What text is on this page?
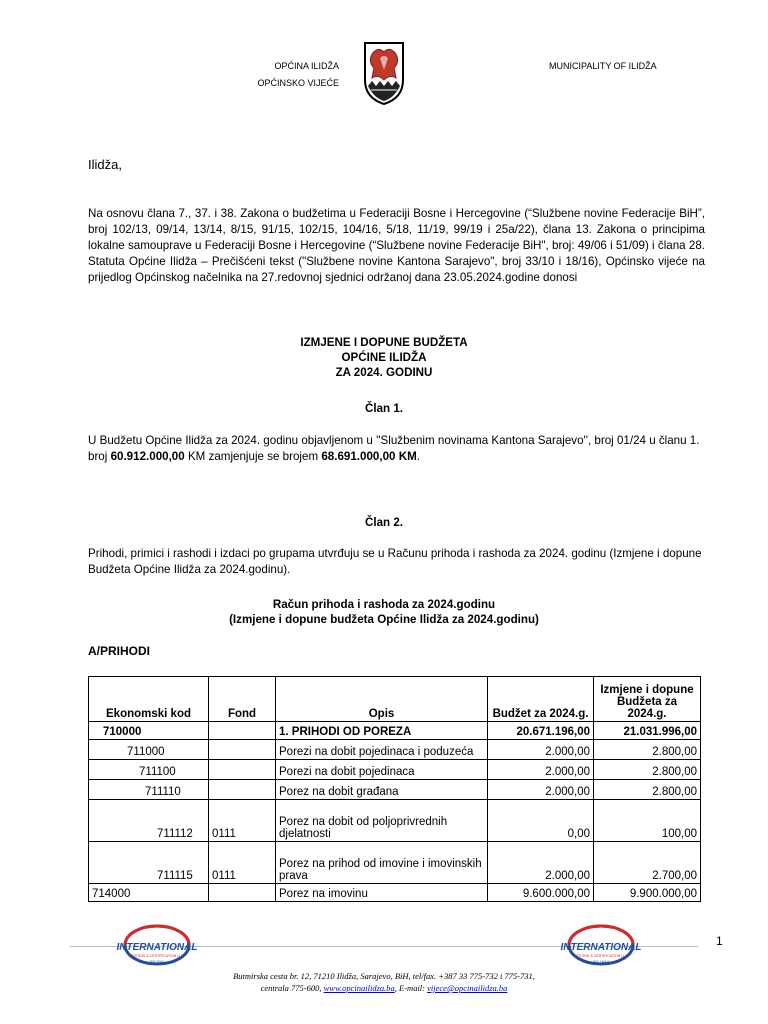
OPĆINA ILIDŽA
OPĆINSKO VIJEĆE
MUNICIPALITY OF ILIDŽA
Ilidža,
Na osnovu člana 7., 37. i 38. Zakona o budžetima u Federaciji Bosne i Hercegovine (“Službene novine Federacije BiH”, broj 102/13, 09/14, 13/14, 8/15, 91/15, 102/15, 104/16, 5/18, 11/19, 99/19 i 25a/22), člana 13. Zakona o principima lokalne samouprave u Federaciji Bosne i Hercegovine (“Službene novine Federacije BiH", broj: 49/06 i 51/09) i člana 28. Statuta Općine Ilidža – Prečišćeni tekst ("Službene novine Kantona Sarajevo", broj 33/10 i 18/16), Općinsko vijeće na prijedlog Općinskog načelnika na 27.redovnoj sjednici održanoj dana 23.05.2024.godine donosi
IZMJENE I DOPUNE BUDŽETA
OPĆINE ILIDŽA
ZA 2024. GODINU
Član 1.
U Budžetu Općine Ilidža za 2024. godinu objavljenom u ''Službenim novinama Kantona Sarajevo'', broj 01/24 u članu 1. broj 60.912.000,00 KM zamjenjuje se brojem 68.691.000,00 KM.
Član 2.
Prihodi, primici i rashodi i izdaci po grupama utvrđuju se u Računu prihoda i rashoda za 2024. godinu (Izmjene i dopune Budžeta Općine Ilidža za 2024.godinu).
Račun prihoda i rashoda za 2024.godinu
(Izmjene i dopune budžeta Općine Ilidža za 2024.godinu)
A/PRIHODI
Ekonomski kod	Fond	Opis	Budžet za 2024.g.	Izmjene i dopune Budžeta za 2024.g.
710000		1. PRIHODI OD POREZA	20.671.196,00	21.031.996,00
711000		Porezi na dobit pojedinaca i poduzeća	2.000,00	2.800,00
711100		Porezi na dobit pojedinaca	2.000,00	2.800,00
711110		Porez na dobit građana	2.000,00	2.800,00
711112	0111	Porez na dobit od poljoprivrednih djelatnosti	0,00	100,00
711115	0111	Porez na prihod od imovine i imovinskih prava	2.000,00	2.700,00
714000		Porez na imovinu	9.600.000,00	9.900.000,00
1
INTERNATIONAL
TESTING & CERTIFICATION LLC
ISO 9001
INTERNATIONAL
TESTING & CERTIFICATION LLC
ISO 14001
Butmirska cesta br. 12, 71210 Ilidža, Sarajevo, BiH, tel/fax. +387 33 775-732 i 775-731,
centrala 775-600, www.opcinailidza.ba, E-mail: vijece@opcinailidza.ba
